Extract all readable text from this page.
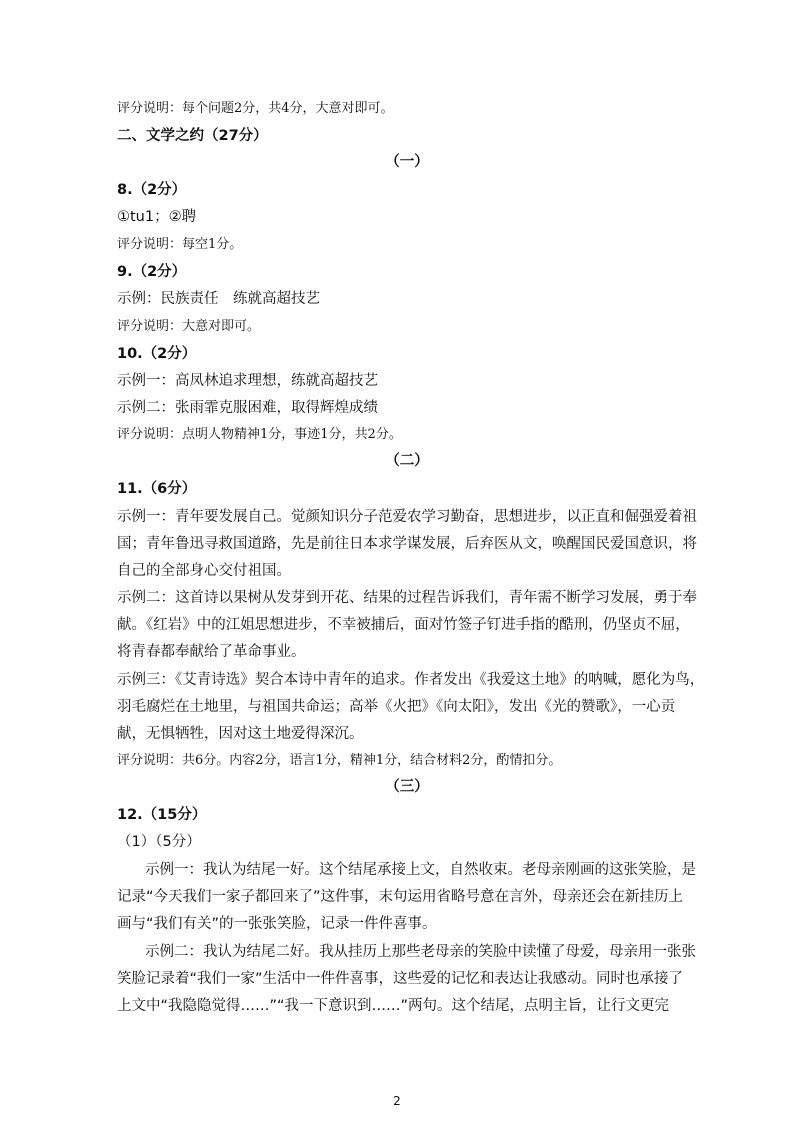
评分说明：每个问题2分，共4分，大意对即可。
二、文学之约（27分）
（一）
8.（2分）
①tu1；②聘
评分说明：每空1分。
9.（2分）
示例：民族责任　练就高超技艺
评分说明：大意对即可。
10.（2分）
示例一：高凤林追求理想，练就高超技艺
示例二：张雨霏克服困难，取得辉煌成绩
评分说明：点明人物精神1分，事迹1分，共2分。
（二）
11.（6分）
示例一：青年要发展自己。觉颜知识分子范爱农学习勤奋，思想进步，以正直和倔强爱着祖
国；青年鲁迅寻救国道路，先是前往日本求学谋发展，后弃医从文，唤醒国民爱国意识，将
自己的全部身心交付祖国。
示例二：这首诗以果树从发芽到开花、结果的过程告诉我们，青年需不断学习发展，勇于奉
献。《红岩》中的江姐思想进步，不幸被捕后，面对竹签子钉进手指的酷刑，仍坚贞不屈，
将青春都奉献给了革命事业。
示例三：《艾青诗选》契合本诗中青年的追求。作者发出《我爱这土地》的呐喊，愿化为鸟，
羽毛腐烂在土地里，与祖国共命运；高举《火把》《向太阳》，发出《光的赞歌》，一心贡
献，无惧牺牲，因对这土地爱得深沉。
评分说明：共6分。内容2分，语言1分，精神1分，结合材料2分，酌情扣分。
（三）
12.（15分）
（1）（5分）
示例一：我认为结尾一好。这个结尾承接上文，自然收束。老母亲刚画的这张笑脸，是
记录“今天我们一家子都回来了”这件事，末句运用省略号意在言外，母亲还会在新挂历上
画与“我们有关”的一张张笑脸，记录一件件喜事。
示例二：我认为结尾二好。我从挂历上那些老母亲的笑脸中读懂了母爱，母亲用一张张
笑脸记录着“我们一家”生活中一件件喜事，这些爱的记忆和表达让我感动。同时也承接了
上文中“我隐隐觉得……”“我一下意识到……”两句。这个结尾，点明主旨，让行文更完
2
